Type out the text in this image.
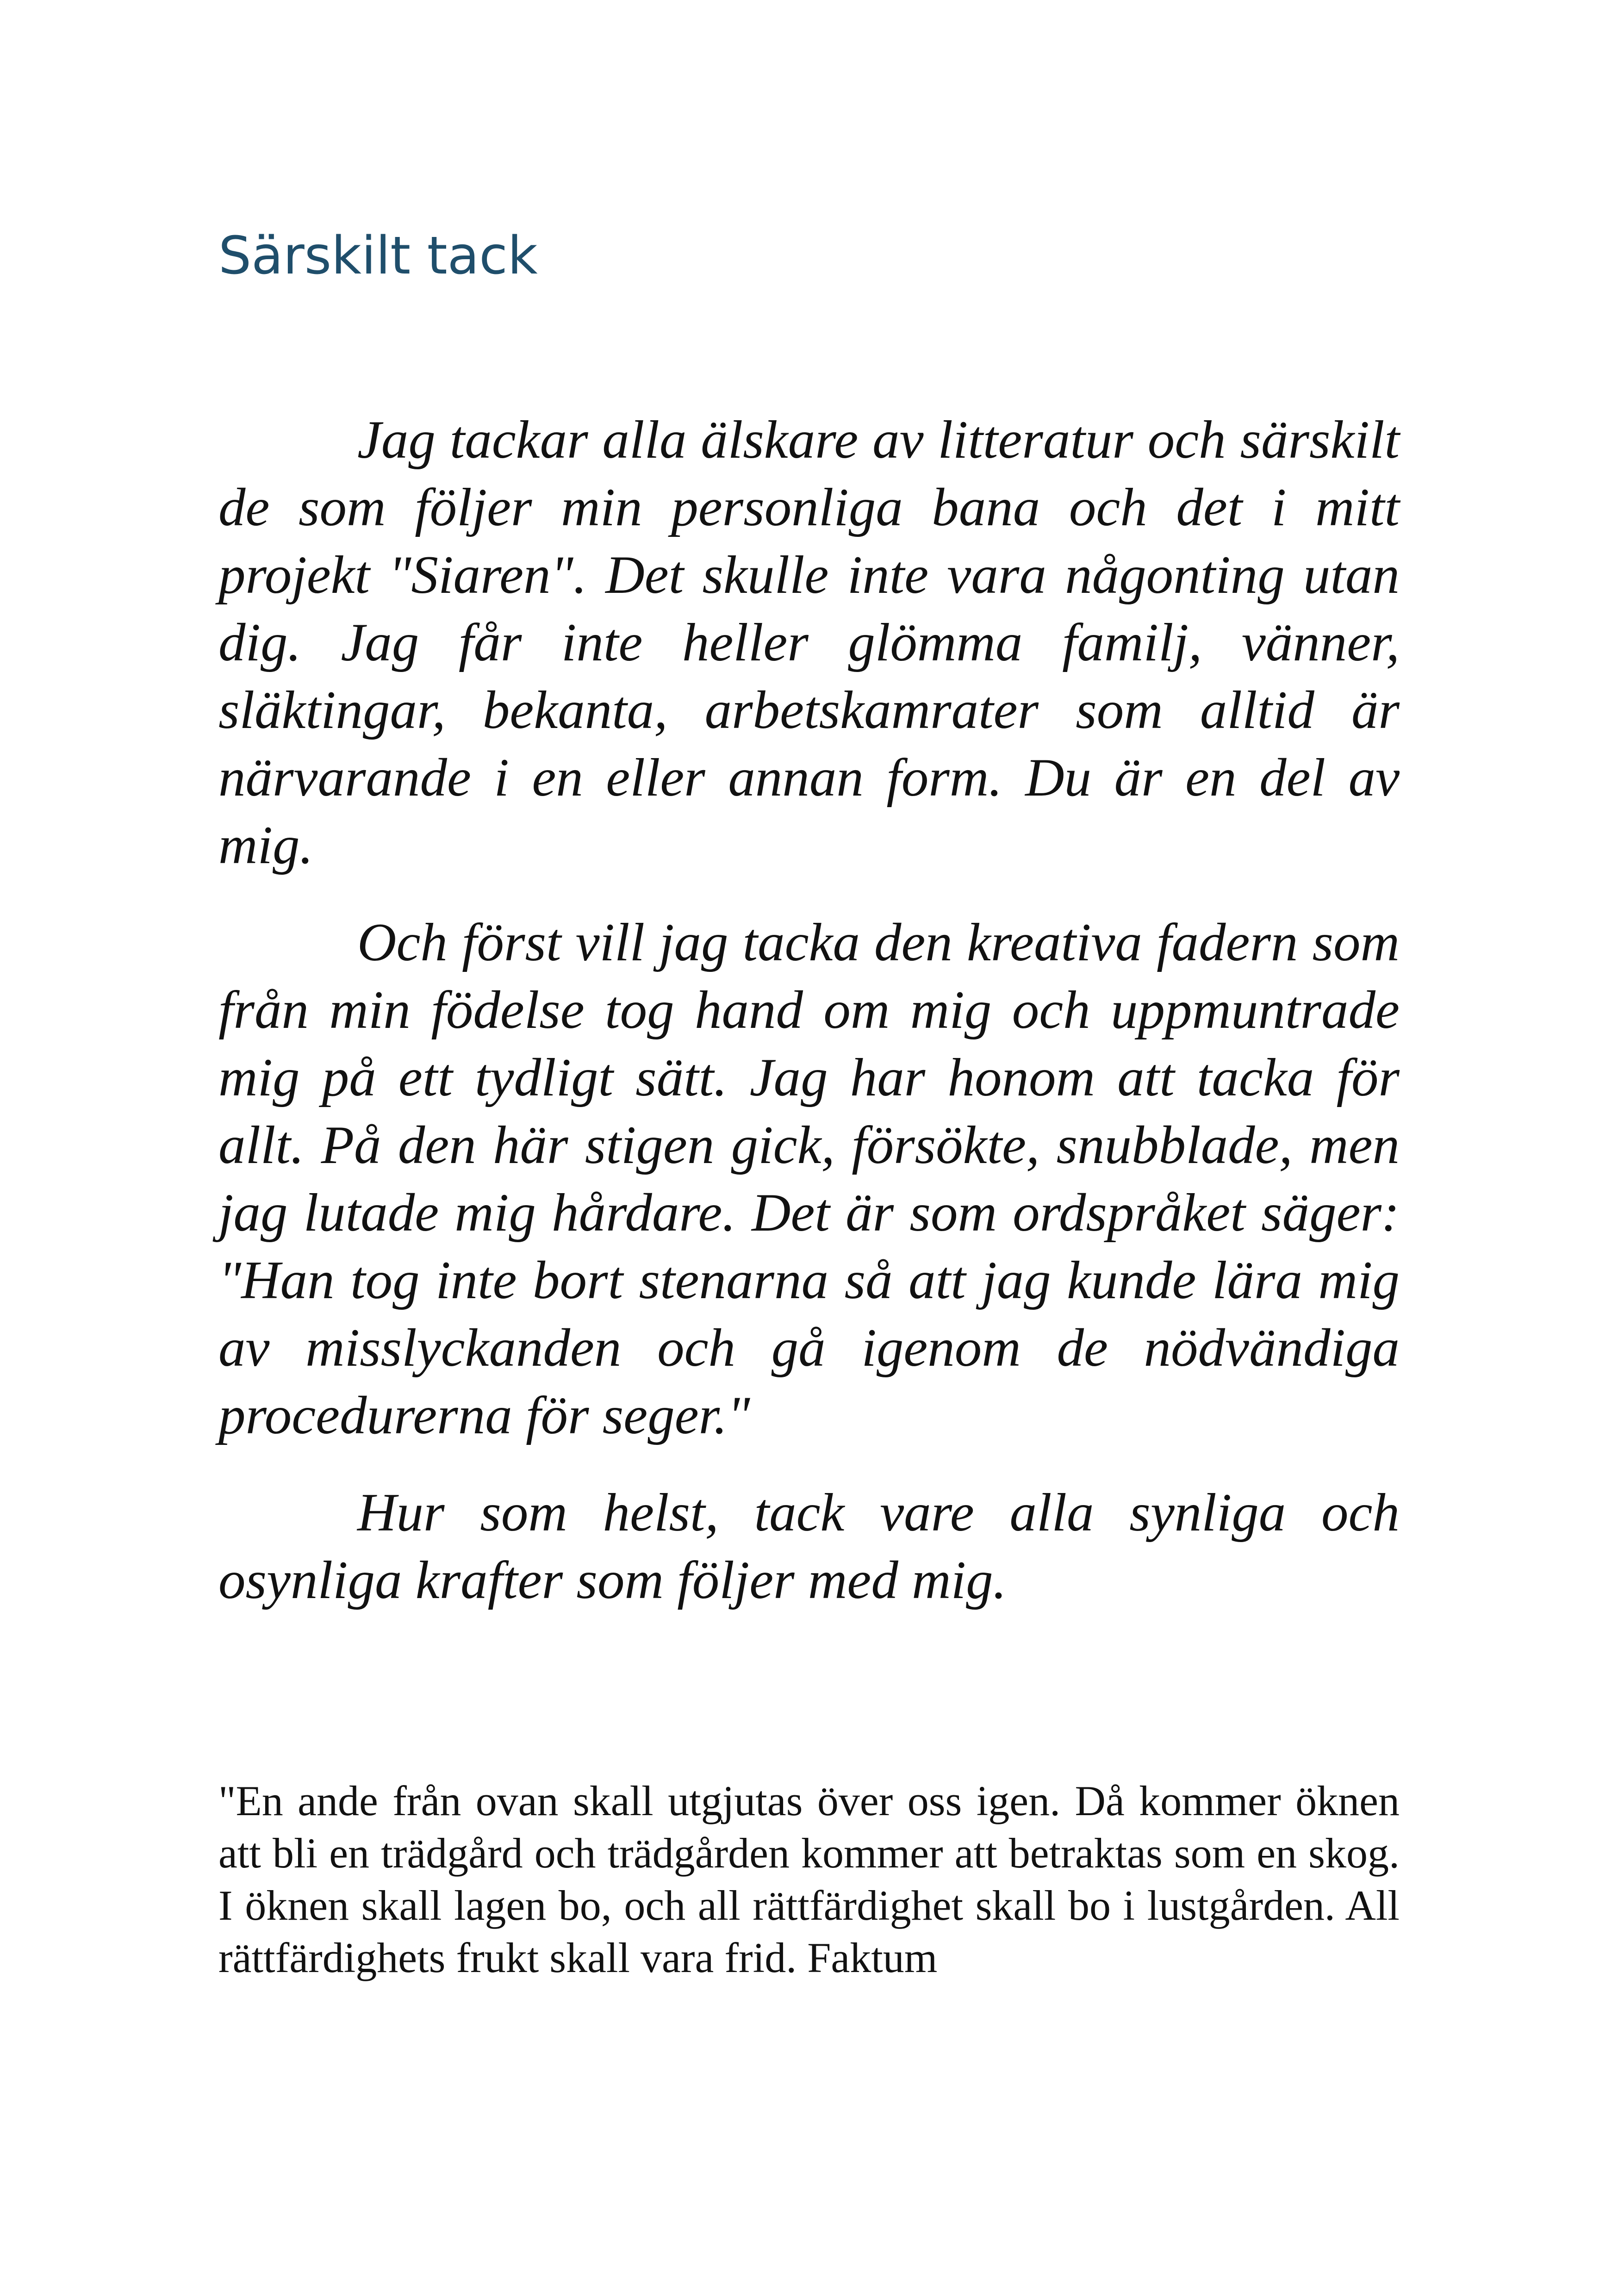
Särskilt tack

Jag tackar alla älskare av litteratur och särskilt de som följer min personliga bana och det i mitt projekt "Siaren". Det skulle inte vara någonting utan dig. Jag får inte heller glömma familj, vänner, släktingar, bekanta, arbetskamrater som alltid är närvarande i en eller annan form. Du är en del av mig.

Och först vill jag tacka den kreativa fadern som från min födelse tog hand om mig och uppmuntrade mig på ett tydligt sätt. Jag har honom att tacka för allt. På den här stigen gick, försökte, snubblade, men jag lutade mig hårdare. Det är som ordspråket säger: "Han tog inte bort stenarna så att jag kunde lära mig av misslyckanden och gå igenom de nödvändiga procedurerna för seger."

Hur som helst, tack vare alla synliga och osynliga krafter som följer med mig.

"En ande från ovan skall utgjutas över oss igen. Då kommer öknen att bli en trädgård och trädgården kommer att betraktas som en skog. I öknen skall lagen bo, och all rättfärdighet skall bo i lustgården. All rättfärdighets frukt skall vara frid. Faktum
